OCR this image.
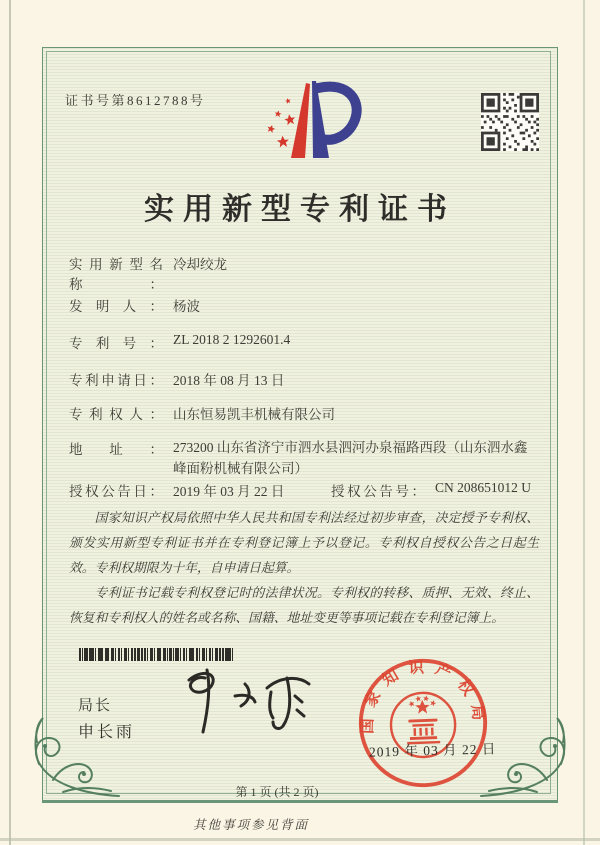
证书号第8612788号
实用新型专利证书
实用新型名称：
冷却绞龙
发明人： 杨波
专利号： ZL 2018 2 1292601.4
专利申请日： 2018 年 08 月 13 日
专利权人： 山东恒易凯丰机械有限公司
地址： 273200 山东省济宁市泗水县泗河办泉福路西段（山东泗水鑫峰面粉机械有限公司）
授权公告日： 2019 年 03 月 22 日	授权公告号： CN 208651012 U

国家知识产权局依照中华人民共和国专利法经过初步审查，决定授予专利权、颁发实用新型专利证书并在专利登记簿上予以登记。专利权自授权公告之日起生效。专利权期限为十年，自申请日起算。

专利证书记载专利权登记时的法律状况。专利权的转移、质押、无效、终止、恢复和专利权人的姓名或名称、国籍、地址变更等事项记载在专利登记簿上。

局长
申长雨	国家知识产权局
2019 年 03 月 22 日
第 1 页 (共 2 页)
其他事项参见背面
